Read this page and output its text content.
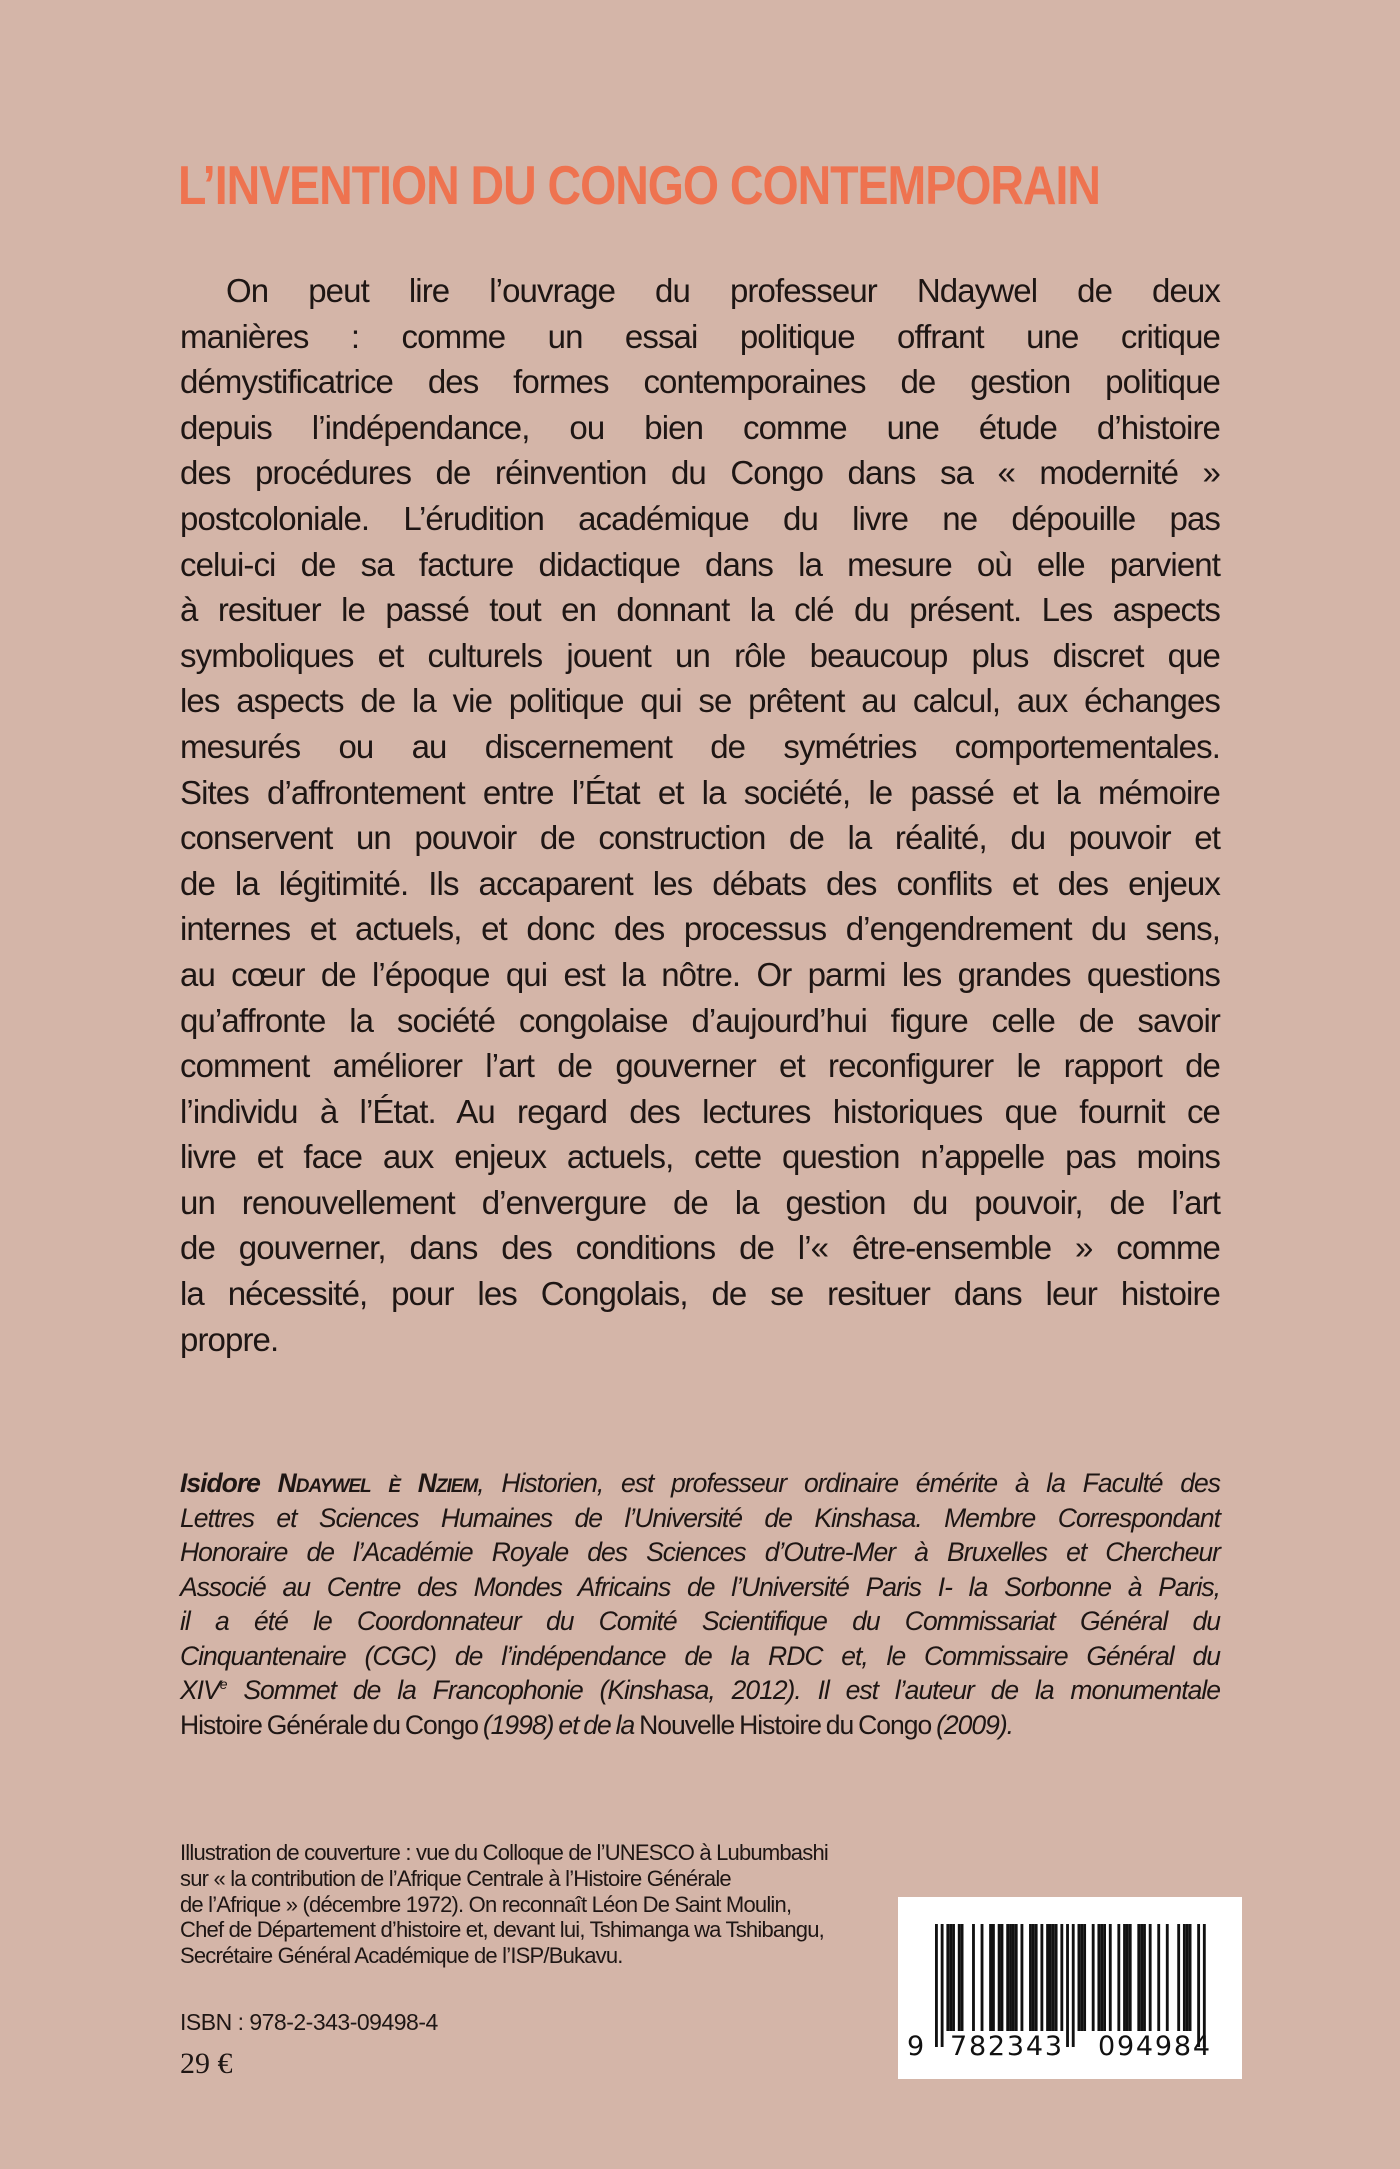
L’INVENTION DU CONGO CONTEMPORAIN
On peut lire l’ouvrage du professeur Ndaywel de deux
manières : comme un essai politique offrant une critique
démystificatrice des formes contemporaines de gestion politique
depuis l’indépendance, ou bien comme une étude d’histoire
des procédures de réinvention du Congo dans sa « modernité »
postcoloniale. L’érudition académique du livre ne dépouille pas
celui-ci de sa facture didactique dans la mesure où elle parvient
à resituer le passé tout en donnant la clé du présent. Les aspects
symboliques et culturels jouent un rôle beaucoup plus discret que
les aspects de la vie politique qui se prêtent au calcul, aux échanges
mesurés ou au discernement de symétries comportementales.
Sites d’affrontement entre l’État et la société, le passé et la mémoire
conservent un pouvoir de construction de la réalité, du pouvoir et
de la légitimité. Ils accaparent les débats des conflits et des enjeux
internes et actuels, et donc des processus d’engendrement du sens,
au cœur de l’époque qui est la nôtre. Or parmi les grandes questions
qu’affronte la société congolaise d’aujourd’hui figure celle de savoir
comment améliorer l’art de gouverner et reconfigurer le rapport de
l’individu à l’État. Au regard des lectures historiques que fournit ce
livre et face aux enjeux actuels, cette question n’appelle pas moins
un renouvellement d’envergure de la gestion du pouvoir, de l’art
de gouverner, dans des conditions de l’« être-ensemble » comme
la nécessité, pour les Congolais, de se resituer dans leur histoire
propre.
Isidore Ndaywel è Nziem, Historien, est professeur ordinaire émérite à la Faculté des
Lettres et Sciences Humaines de l’Université de Kinshasa. Membre Correspondant
Honoraire de l’Académie Royale des Sciences d’Outre-Mer à Bruxelles et Chercheur
Associé au Centre des Mondes Africains de l’Université Paris I- la Sorbonne à Paris,
il a été le Coordonnateur du Comité Scientifique du Commissariat Général du
Cinquantenaire (CGC) de l’indépendance de la RDC et, le Commissaire Général du
XIVe Sommet de la Francophonie (Kinshasa, 2012). Il est l’auteur de la monumentale
Histoire Générale du Congo (1998) et de la Nouvelle Histoire du Congo (2009).
Illustration de couverture : vue du Colloque de l’UNESCO à Lubumbashi
sur « la contribution de l’Afrique Centrale à l’Histoire Générale
de l’Afrique » (décembre 1972). On reconnaît Léon De Saint Moulin,
Chef de Département d’histoire et, devant lui, Tshimanga wa Tshibangu,
Secrétaire Général Académique de l’ISP/Bukavu.

ISBN : 978-2-343-09498-4

29 €

9 782343 094984
